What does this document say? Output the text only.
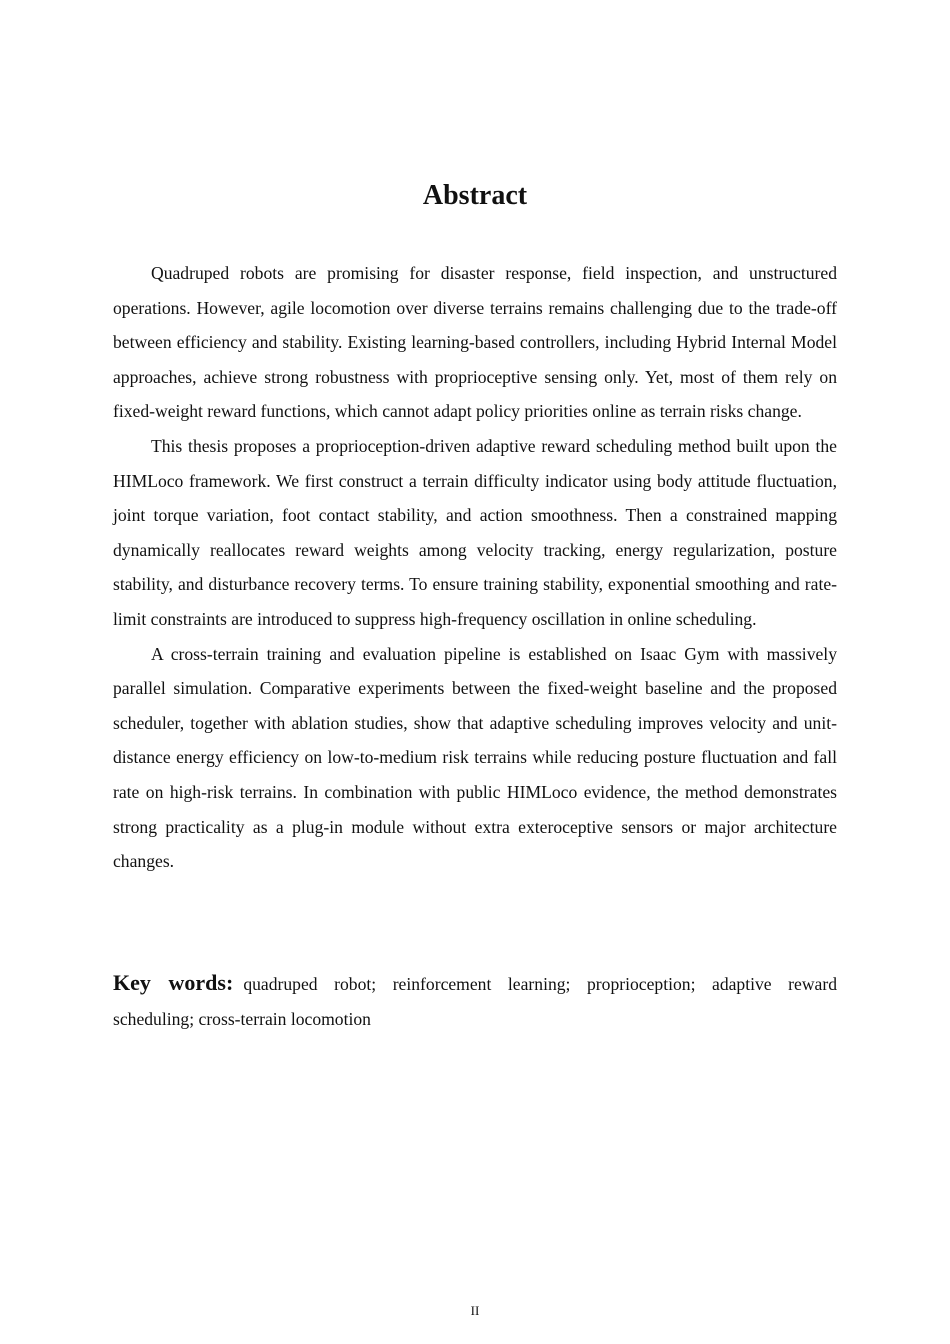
Abstract

Quadruped robots are promising for disaster response, field inspection, and unstructured operations. However, agile locomotion over diverse terrains remains challenging due to the trade-off between efficiency and stability. Existing learning-based controllers, including Hybrid Internal Model approaches, achieve strong robustness with proprioceptive sensing only. Yet, most of them rely on fixed-weight reward functions, which cannot adapt policy priorities online as terrain risks change.

This thesis proposes a proprioception-driven adaptive reward scheduling method built upon the HIMLoco framework. We first construct a terrain difficulty indicator using body attitude fluctuation, joint torque variation, foot contact stability, and action smoothness. Then a constrained mapping dynamically reallocates reward weights among velocity tracking, energy regularization, posture stability, and disturbance recovery terms. To ensure training stability, exponential smoothing and rate-limit constraints are introduced to suppress high-frequency oscillation in online scheduling.

A cross-terrain training and evaluation pipeline is established on Isaac Gym with massively parallel simulation. Comparative experiments between the fixed-weight baseline and the proposed scheduler, together with ablation studies, show that adaptive scheduling improves velocity and unit-distance energy efficiency on low-to-medium risk terrains while reducing posture fluctuation and fall rate on high-risk terrains. In combination with public HIMLoco evidence, the method demonstrates strong practicality as a plug-in module without extra exteroceptive sensors or major architecture changes.

Key words: quadruped robot; reinforcement learning; proprioception; adaptive reward scheduling; cross-terrain locomotion
II
